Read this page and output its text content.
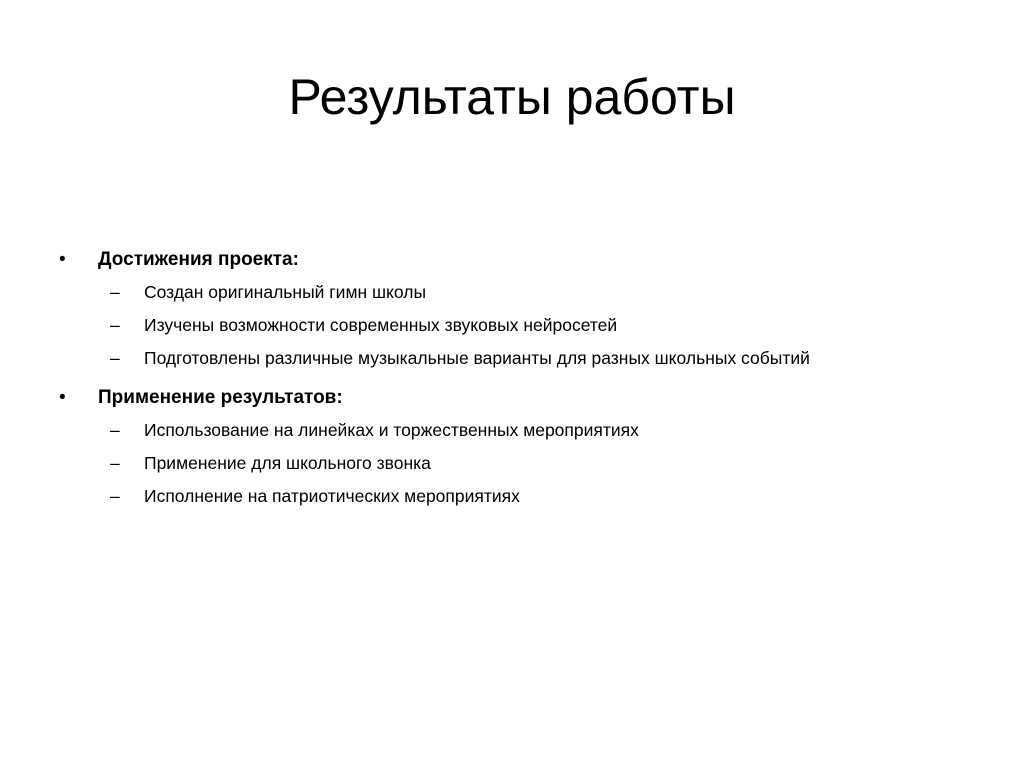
Результаты работы
• Достижения проекта:
– Создан оригинальный гимн школы
– Изучены возможности современных звуковых нейросетей
– Подготовлены различные музыкальные варианты для разных школьных событий
• Применение результатов:
– Использование на линейках и торжественных мероприятиях
– Применение для школьного звонка
– Исполнение на патриотических мероприятиях
